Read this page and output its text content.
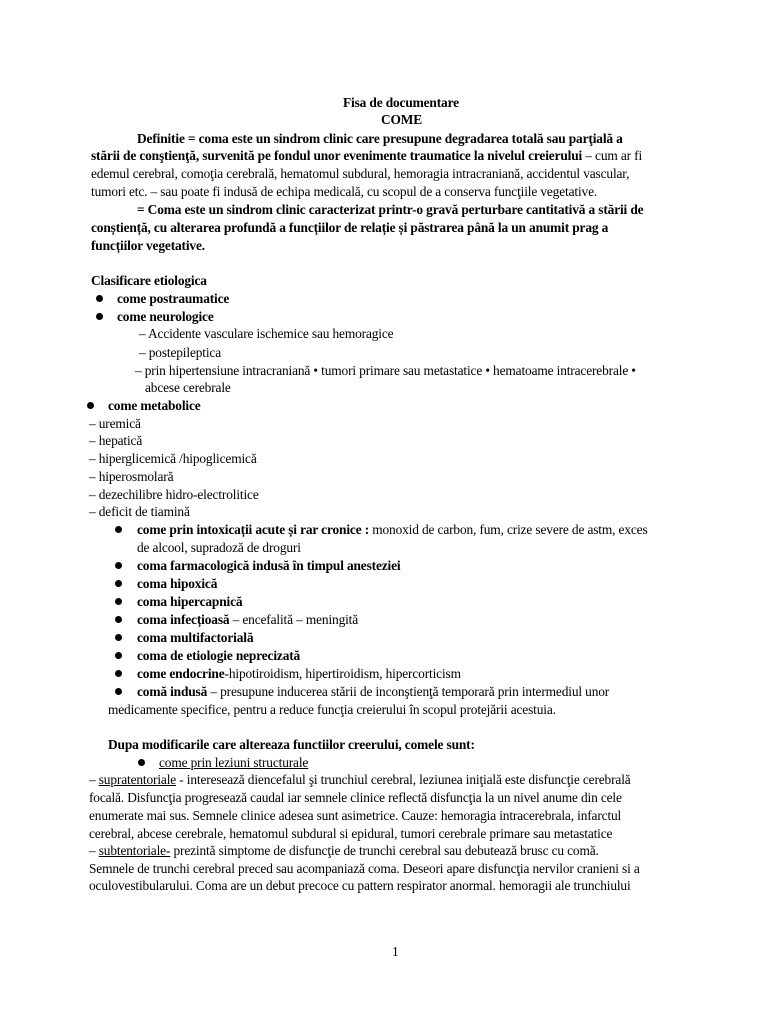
Fisa de documentare
COME
Definitie = coma este un sindrom clinic care presupune degradarea totală sau parţială a
stării de conştienţă, survenită pe fondul unor evenimente traumatice la nivelul creierului – cum ar fi
edemul cerebral, comoţia cerebrală, hematomul subdural, hemoragia intracraniană, accidentul vascular,
tumori etc. – sau poate fi indusă de echipa medicală, cu scopul de a conserva funcţiile vegetative.
= Coma este un sindrom clinic caracterizat printr-o gravă perturbare cantitativă a stării de
conștiență, cu alterarea profundă a funcțiilor de relație și păstrarea până la un anumit prag a
funcțiilor vegetative.
Clasificare etiologica
come postraumatice
come neurologice
– Accidente vasculare ischemice sau hemoragice
– postepileptica
– prin hipertensiune intracraniană • tumori primare sau metastatice • hematoame intracerebrale •
abcese cerebrale
come metabolice
– uremică
– hepatică
– hiperglicemică /hipoglicemică
– hiperosmolară
– dezechilibre hidro-electrolitice
– deficit de tiamină
come prin intoxicații acute și rar cronice : monoxid de carbon, fum, crize severe de astm, exces
de alcool, supradoză de droguri
coma farmacologică indusă în timpul anesteziei
coma hipoxică
coma hipercapnică
coma infecțioasă – encefalită – meningită
coma multifactorială
coma de etiologie neprecizată
come endocrine-hipotiroidism, hipertiroidism, hipercorticism
comă indusă – presupune inducerea stării de inconştienţă temporară prin intermediul unor
medicamente specifice, pentru a reduce funcţia creierului în scopul protejării acestuia.
Dupa modificarile care altereaza functiilor creerului, comele sunt:
come prin leziuni structurale
– supratentoriale - interesează diencefalul şi trunchiul cerebral, leziunea iniţială este disfuncţie cerebrală
focală. Disfuncţia progresează caudal iar semnele clinice reflectă disfuncţia la un nivel anume din cele
enumerate mai sus. Semnele clinice adesea sunt asimetrice. Cauze: hemoragia intracerebrala, infarctul
cerebral, abcese cerebrale, hematomul subdural si epidural, tumori cerebrale primare sau metastatice
– subtentoriale- prezintă simptome de disfuncţie de trunchi cerebral sau debutează brusc cu comă.
Semnele de trunchi cerebral preced sau acompaniază coma. Deseori apare disfuncţia nervilor cranieni si a
oculovestibularului. Coma are un debut precoce cu pattern respirator anormal. hemoragii ale trunchiului
1
